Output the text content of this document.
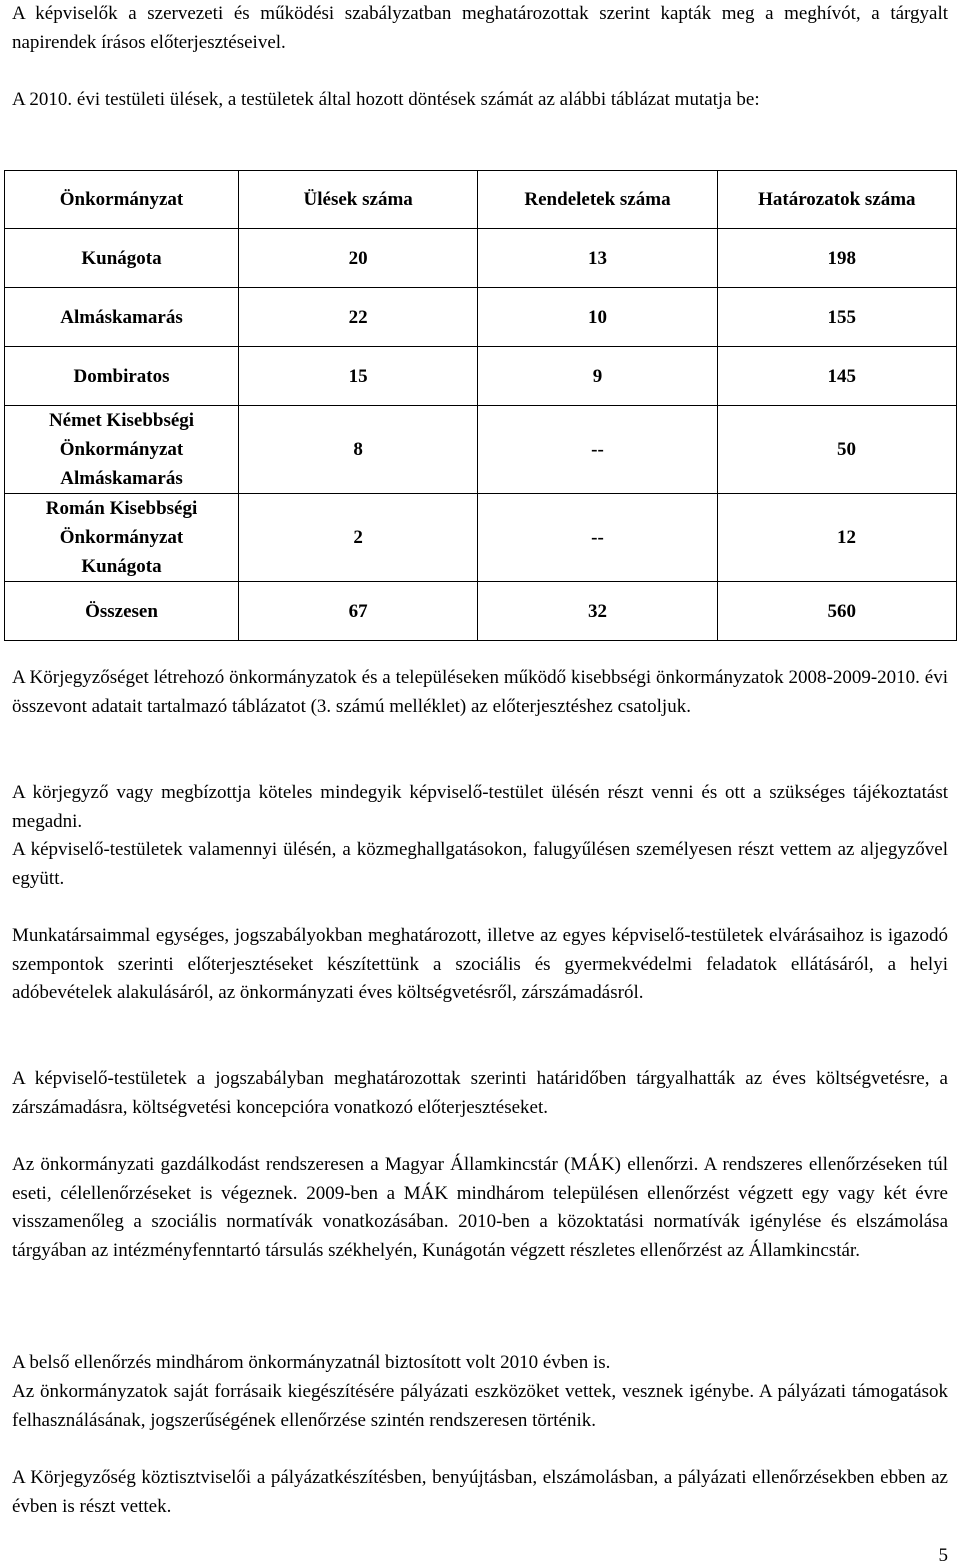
A képviselők a szervezeti és működési szabályzatban meghatározottak szerint kapták meg a meghívót, a tárgyalt napirendek írásos előterjesztéseivel.

A 2010. évi testületi ülések, a testületek által hozott döntések számát az alábbi táblázat mutatja be:

Önkormányzat	Ülések száma	Rendeletek száma	Határozatok száma
Kunágota	20	13	198
Almáskamarás	22	10	155
Dombiratos	15	9	145

Német Kisebbségi
Önkormányzat
Almáskamarás	8	--	50

Román Kisebbségi
Önkormányzat
Kunágota	2	--	12
Összesen	67	32	560

A Körjegyzőséget létrehozó önkormányzatok és a településeken működő kisebbségi önkormányzatok 2008-2009-2010. évi összevont adatait tartalmazó táblázatot (3. számú melléklet) az előterjesztéshez csatoljuk.

A körjegyző vagy megbízottja köteles mindegyik képviselő-testület ülésén részt venni és ott a szükséges tájékoztatást megadni.

A képviselő-testületek valamennyi ülésén, a közmeghallgatásokon, falugyűlésen személyesen részt vettem az aljegyzővel együtt.

Munkatársaimmal egységes, jogszabályokban meghatározott, illetve az egyes képviselő-testületek elvárásaihoz is igazodó szempontok szerinti előterjesztéseket készítettünk a szociális és gyermekvédelmi feladatok ellátásáról, a helyi adóbevételek alakulásáról, az önkormányzati éves költségvetésről, zárszámadásról.

A képviselő-testületek a jogszabályban meghatározottak szerinti határidőben tárgyalhatták az éves költségvetésre, a zárszámadásra, költségvetési koncepcióra vonatkozó előterjesztéseket.

Az önkormányzati gazdálkodást rendszeresen a Magyar Államkincstár (MÁK) ellenőrzi. A rendszeres ellenőrzéseken túl eseti, célellenőrzéseket is végeznek. 2009-ben a MÁK mindhárom településen ellenőrzést végzett egy vagy két évre visszamenőleg a szociális normatívák vonatkozásában. 2010-ben a közoktatási normatívák igénylése és elszámolása tárgyában az intézményfenntartó társulás székhelyén, Kunágotán végzett részletes ellenőrzést az Államkincstár.

A belső ellenőrzés mindhárom önkormányzatnál biztosított volt 2010 évben is.

Az önkormányzatok saját forrásaik kiegészítésére pályázati eszközöket vettek, vesznek igénybe. A pályázati támogatások felhasználásának, jogszerűségének ellenőrzése szintén rendszeresen történik.

A Körjegyzőség köztisztviselői a pályázatkészítésben, benyújtásban, elszámolásban, a pályázati ellenőrzésekben ebben az évben is részt vettek.

5
